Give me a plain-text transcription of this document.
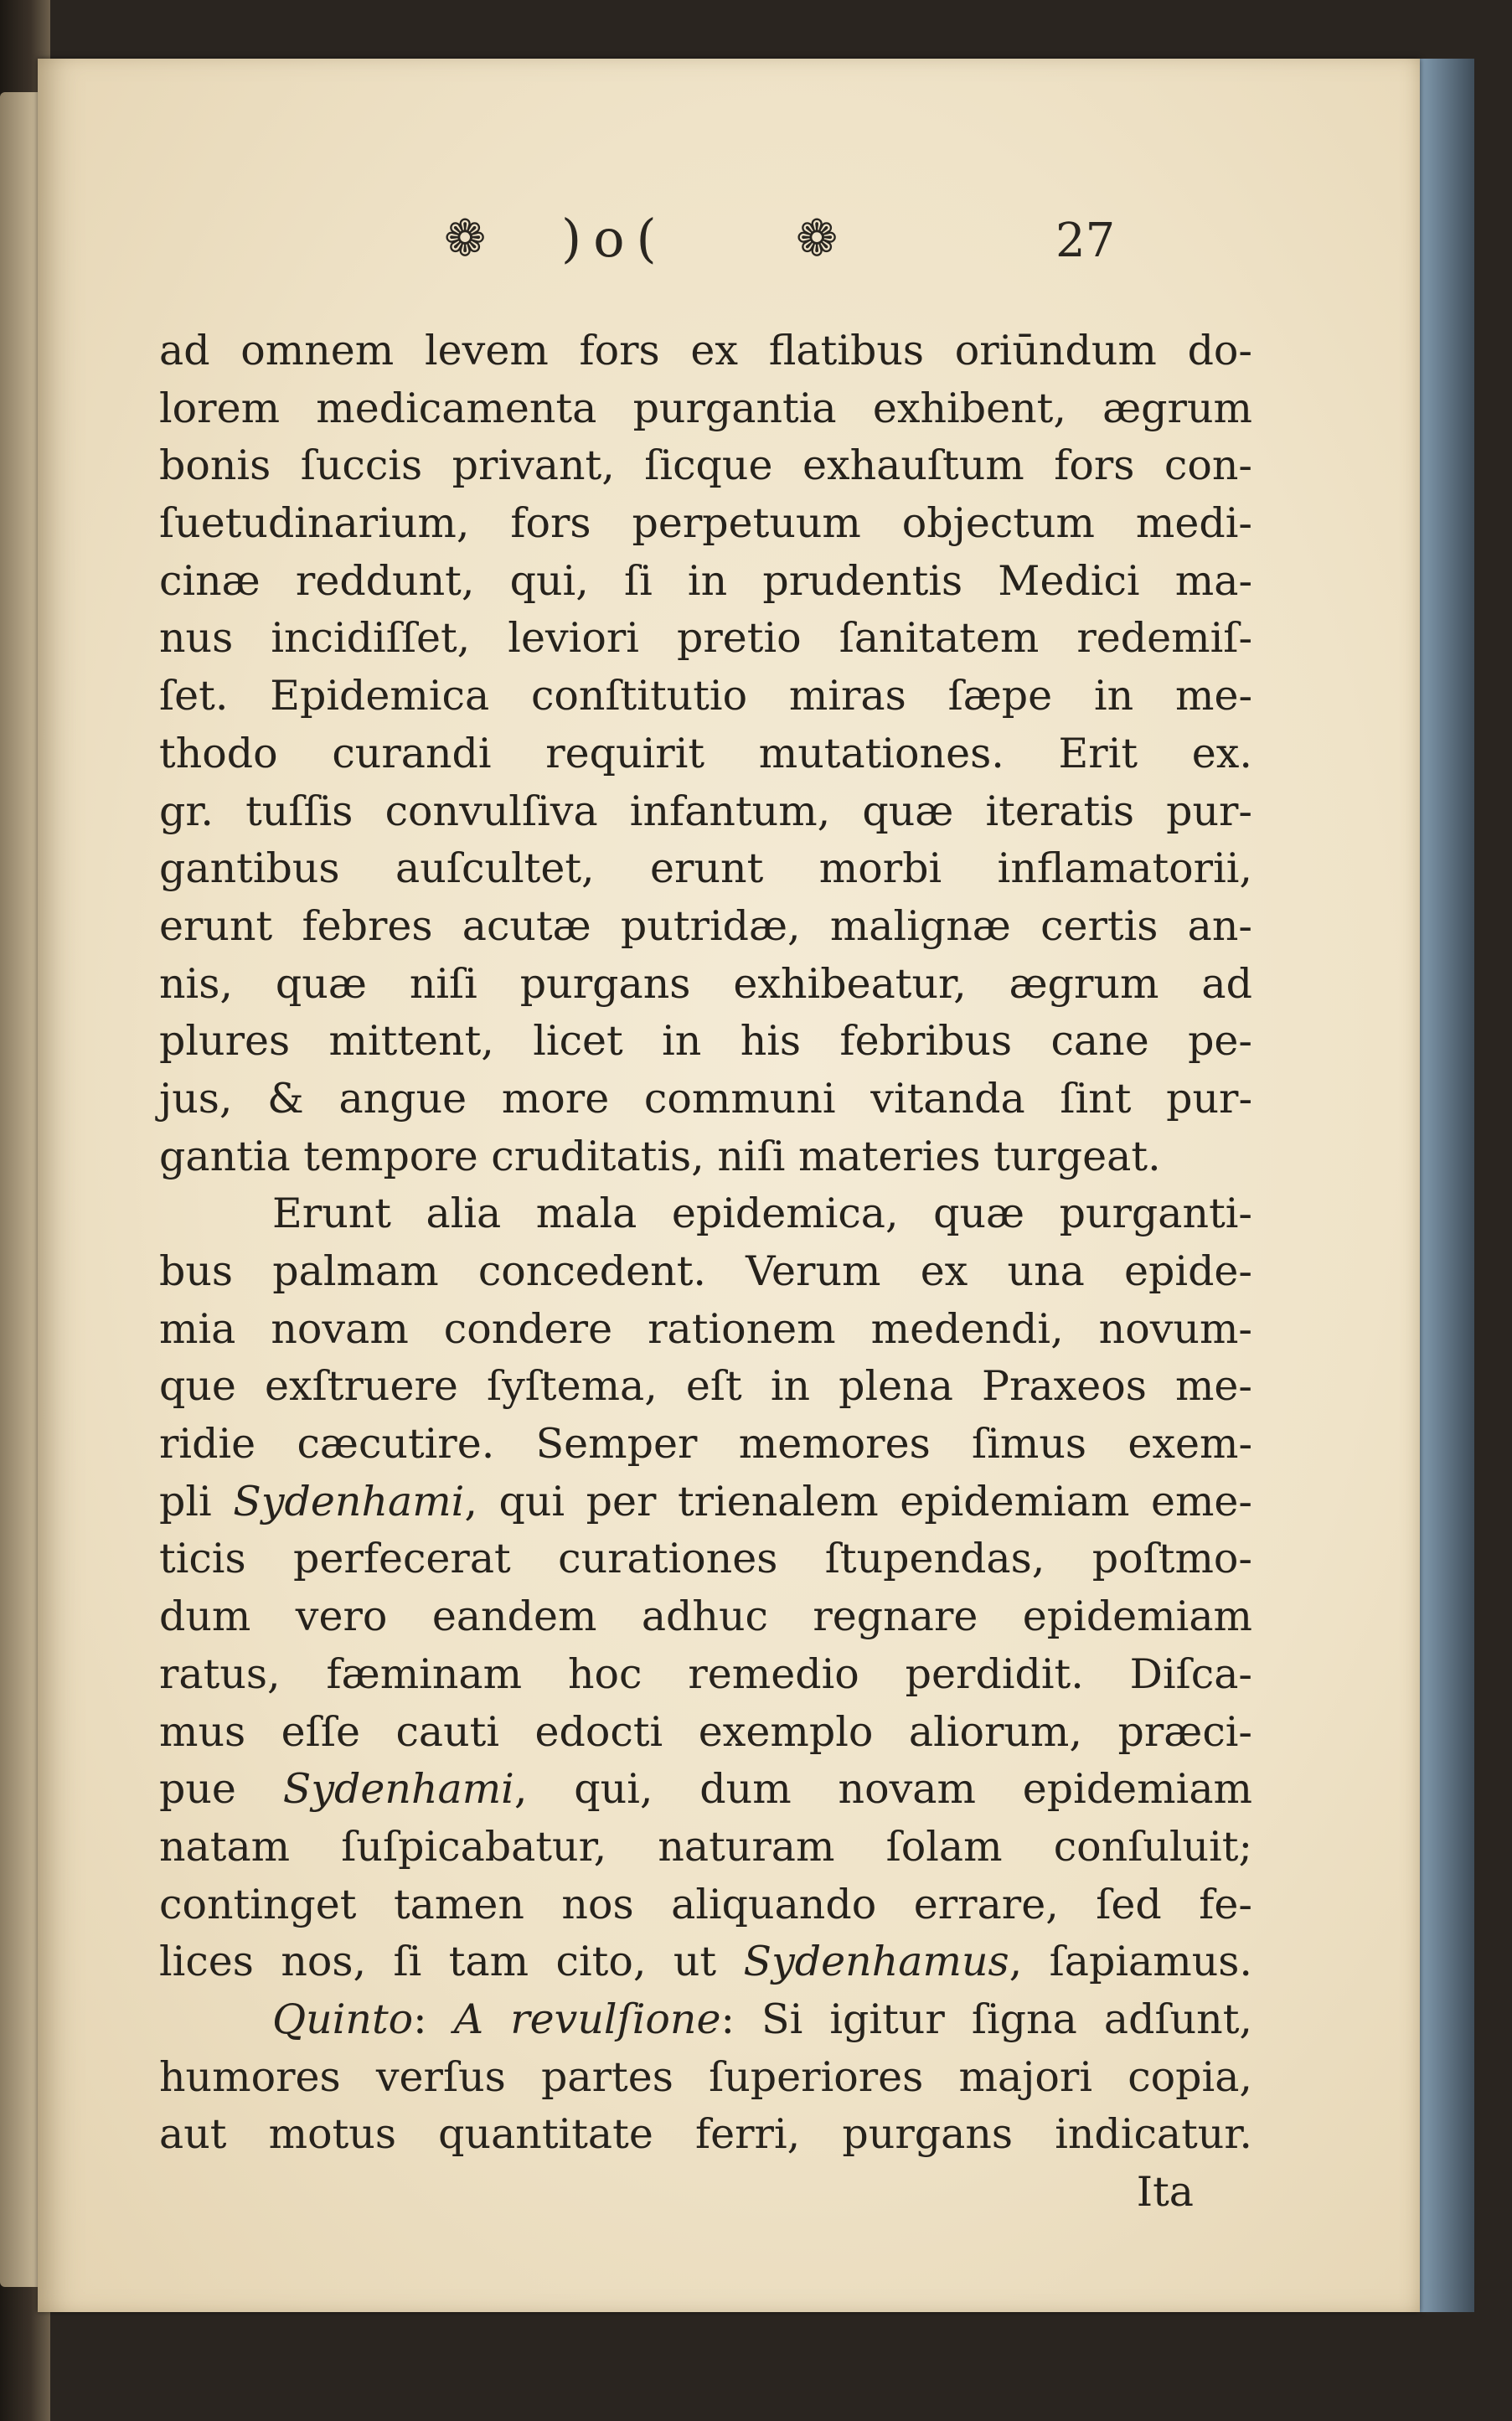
❁ )o(	❁	27
ad omnem levem fors ex flatibus oriūndum do-
lorem medicamenta purgantia exhibent, ægrum
bonis ſuccis privant, ſicque exhauſtum fors con-
ſuetudinarium, fors perpetuum objectum medi-
cinæ reddunt, qui, ſi in prudentis Medici ma-
nus incidiſſet, leviori pretio ſanitatem redemiſ-
ſet. Epidemica conſtitutio miras ſæpe in me-
thodo curandi requirit mutationes. Erit ex.
gr. tuſſis convulſiva infantum, quæ iteratis pur-
gantibus auſcultet, erunt morbi inflamatorii,
erunt febres acutæ putridæ, malignæ certis an-
nis, quæ niſi purgans exhibeatur, ægrum ad
plures mittent, licet in his febribus cane pe-
jus, & angue more communi vitanda ſint pur-
gantia tempore cruditatis, niſi materies turgeat.
Erunt alia mala epidemica, quæ purganti-
bus palmam concedent. Verum ex una epide-
mia novam condere rationem medendi, novum-
que exſtruere ſyſtema, eſt in plena Praxeos me-
ridie cæcutire. Semper memores ſimus exem-
pli Sydenhami, qui per trienalem epidemiam eme-
ticis perfecerat curationes ſtupendas, poſtmo-
dum vero eandem adhuc regnare epidemiam
ratus, fæminam hoc remedio perdidit. Diſca-
mus eſſe cauti edocti exemplo aliorum, præci-
pue Sydenhami, qui, dum novam epidemiam
natam ſuſpicabatur, naturam ſolam conſuluit;
continget tamen nos aliquando errare, ſed fe-
lices nos, ſi tam cito, ut Sydenhamus, ſapiamus.
Quinto: A revulſione: Si igitur ſigna adſunt,
humores verſus partes ſuperiores majori copia,
aut motus quantitate ferri, purgans indicatur.
Ita
